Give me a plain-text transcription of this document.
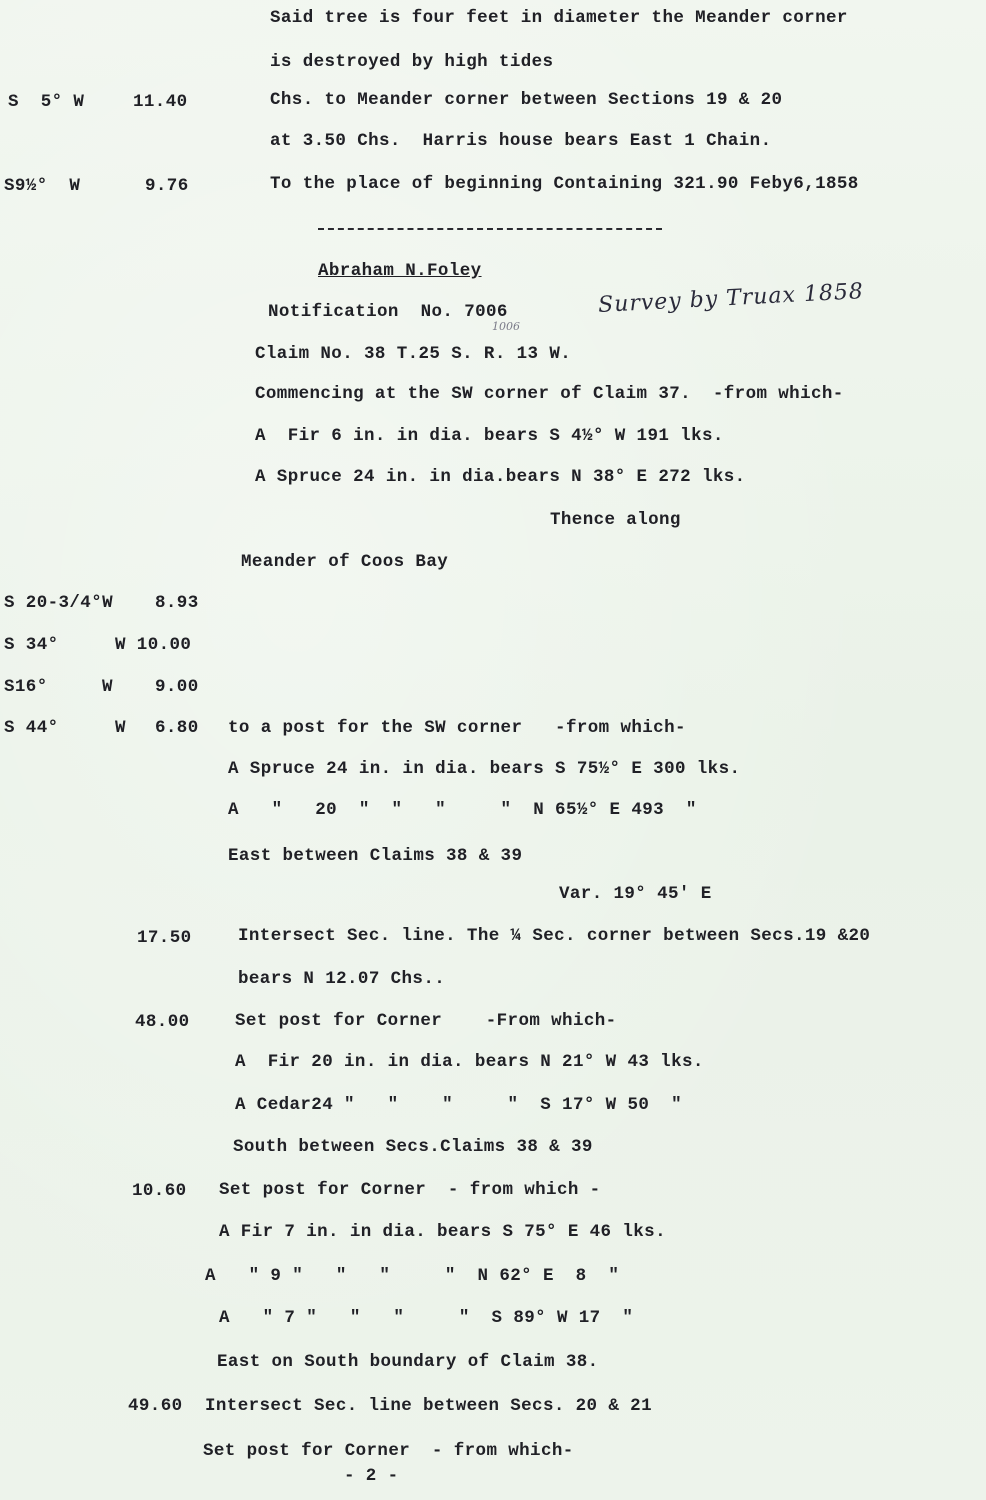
Said tree is four feet in diameter the Meander corner
is destroyed by high tides
S  5° W	11.40	Chs. to Meander corner between Sections 19 & 20
at 3.50 Chs.  Harris house bears East 1 Chain.
S9½°  W	9.76	To the place of beginning Containing 321.90 Feby6,1858
Abraham N.Foley
Notification  No. 7006
1006
Survey by Truax 1858
Claim No. 38 T.25 S. R. 13 W.
Commencing at the SW corner of Claim 37.  -from which-
A  Fir 6 in. in dia. bears S 4½° W 191 lks.
A Spruce 24 in. in dia.bears N 38° E 272 lks.
Thence along
Meander of Coos Bay
S 20-3/4°W 8.93
S 34°	W 10.00
S16°	W 9.00
S 44°	W 6.80 to a post for the SW corner   -from which-
A Spruce 24 in. in dia. bears S 75½° E 300 lks.
A   "   20  "  "   "     "  N 65½° E 493  "
East between Claims 38 & 39
Var. 19° 45' E
17.50	Intersect Sec. line. The ¼ Sec. corner between Secs.19 &20
bears N 12.07 Chs..
48.00	Set post for Corner    -From which-
A  Fir 20 in. in dia. bears N 21° W 43 lks.
A Cedar24 "   "    "     "  S 17° W 50  "
South between Secs.Claims 38 & 39
10.60 Set post for Corner  - from which -
A Fir 7 in. in dia. bears S 75° E 46 lks.
A   " 9 "   "   "     "  N 62° E  8  "
A   " 7 "   "   "     "  S 89° W 17  "
East on South boundary of Claim 38.
49.60 Intersect Sec. line between Secs. 20 & 21
Set post for Corner  - from which-
- 2 -
